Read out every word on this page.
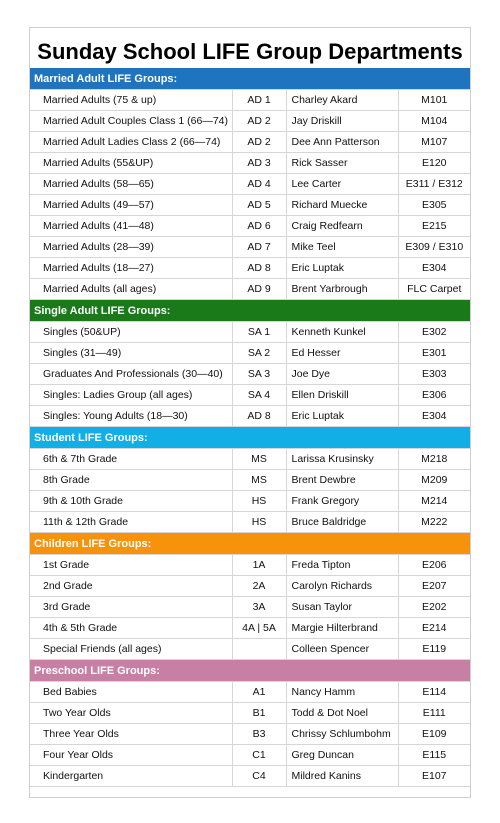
Sunday School LIFE Group Departments
Married Adult LIFE Groups:			
Married Adults (75 & up)	AD 1	Charley Akard	M101
Married Adult Couples Class 1 (66—74)	AD 2	Jay Driskill	M104
Married Adult Ladies Class 2 (66—74)	AD 2	Dee Ann Patterson	M107
Married Adults (55&UP)	AD 3	Rick Sasser	E120
Married Adults (58—65)	AD 4	Lee Carter	E311 / E312
Married Adults (49—57)	AD 5	Richard Muecke	E305
Married Adults (41—48)	AD 6	Craig Redfearn	E215
Married Adults (28—39)	AD 7	Mike Teel	E309 / E310
Married Adults (18—27)	AD 8	Eric Luptak	E304
Married Adults (all ages)	AD 9	Brent Yarbrough	FLC Carpet
Single Adult LIFE Groups:			
Singles (50&UP)	SA 1	Kenneth Kunkel	E302
Singles (31—49)	SA 2	Ed Hesser	E301
Graduates And Professionals (30—40)	SA 3	Joe Dye	E303
Singles: Ladies Group (all ages)	SA 4	Ellen Driskill	E306
Singles: Young Adults (18—30)	AD 8	Eric Luptak	E304
Student LIFE Groups:			
6th & 7th Grade	MS	Larissa Krusinsky	M218
8th Grade	MS	Brent Dewbre	M209
9th & 10th Grade	HS	Frank Gregory	M214
11th & 12th Grade	HS	Bruce Baldridge	M222
Children LIFE Groups:			
1st Grade	1A	Freda Tipton	E206
2nd Grade	2A	Carolyn Richards	E207
3rd Grade	3A	Susan Taylor	E202
4th & 5th Grade	4A | 5A	Margie Hilterbrand	E214
Special Friends (all ages)		Colleen Spencer	E119
Preschool LIFE Groups:			
Bed Babies	A1	Nancy Hamm	E114
Two Year Olds	B1	Todd & Dot Noel	E111
Three Year Olds	B3	Chrissy Schlumbohm	E109
Four Year Olds	C1	Greg Duncan	E115
Kindergarten	C4	Mildred Kanins	E107
